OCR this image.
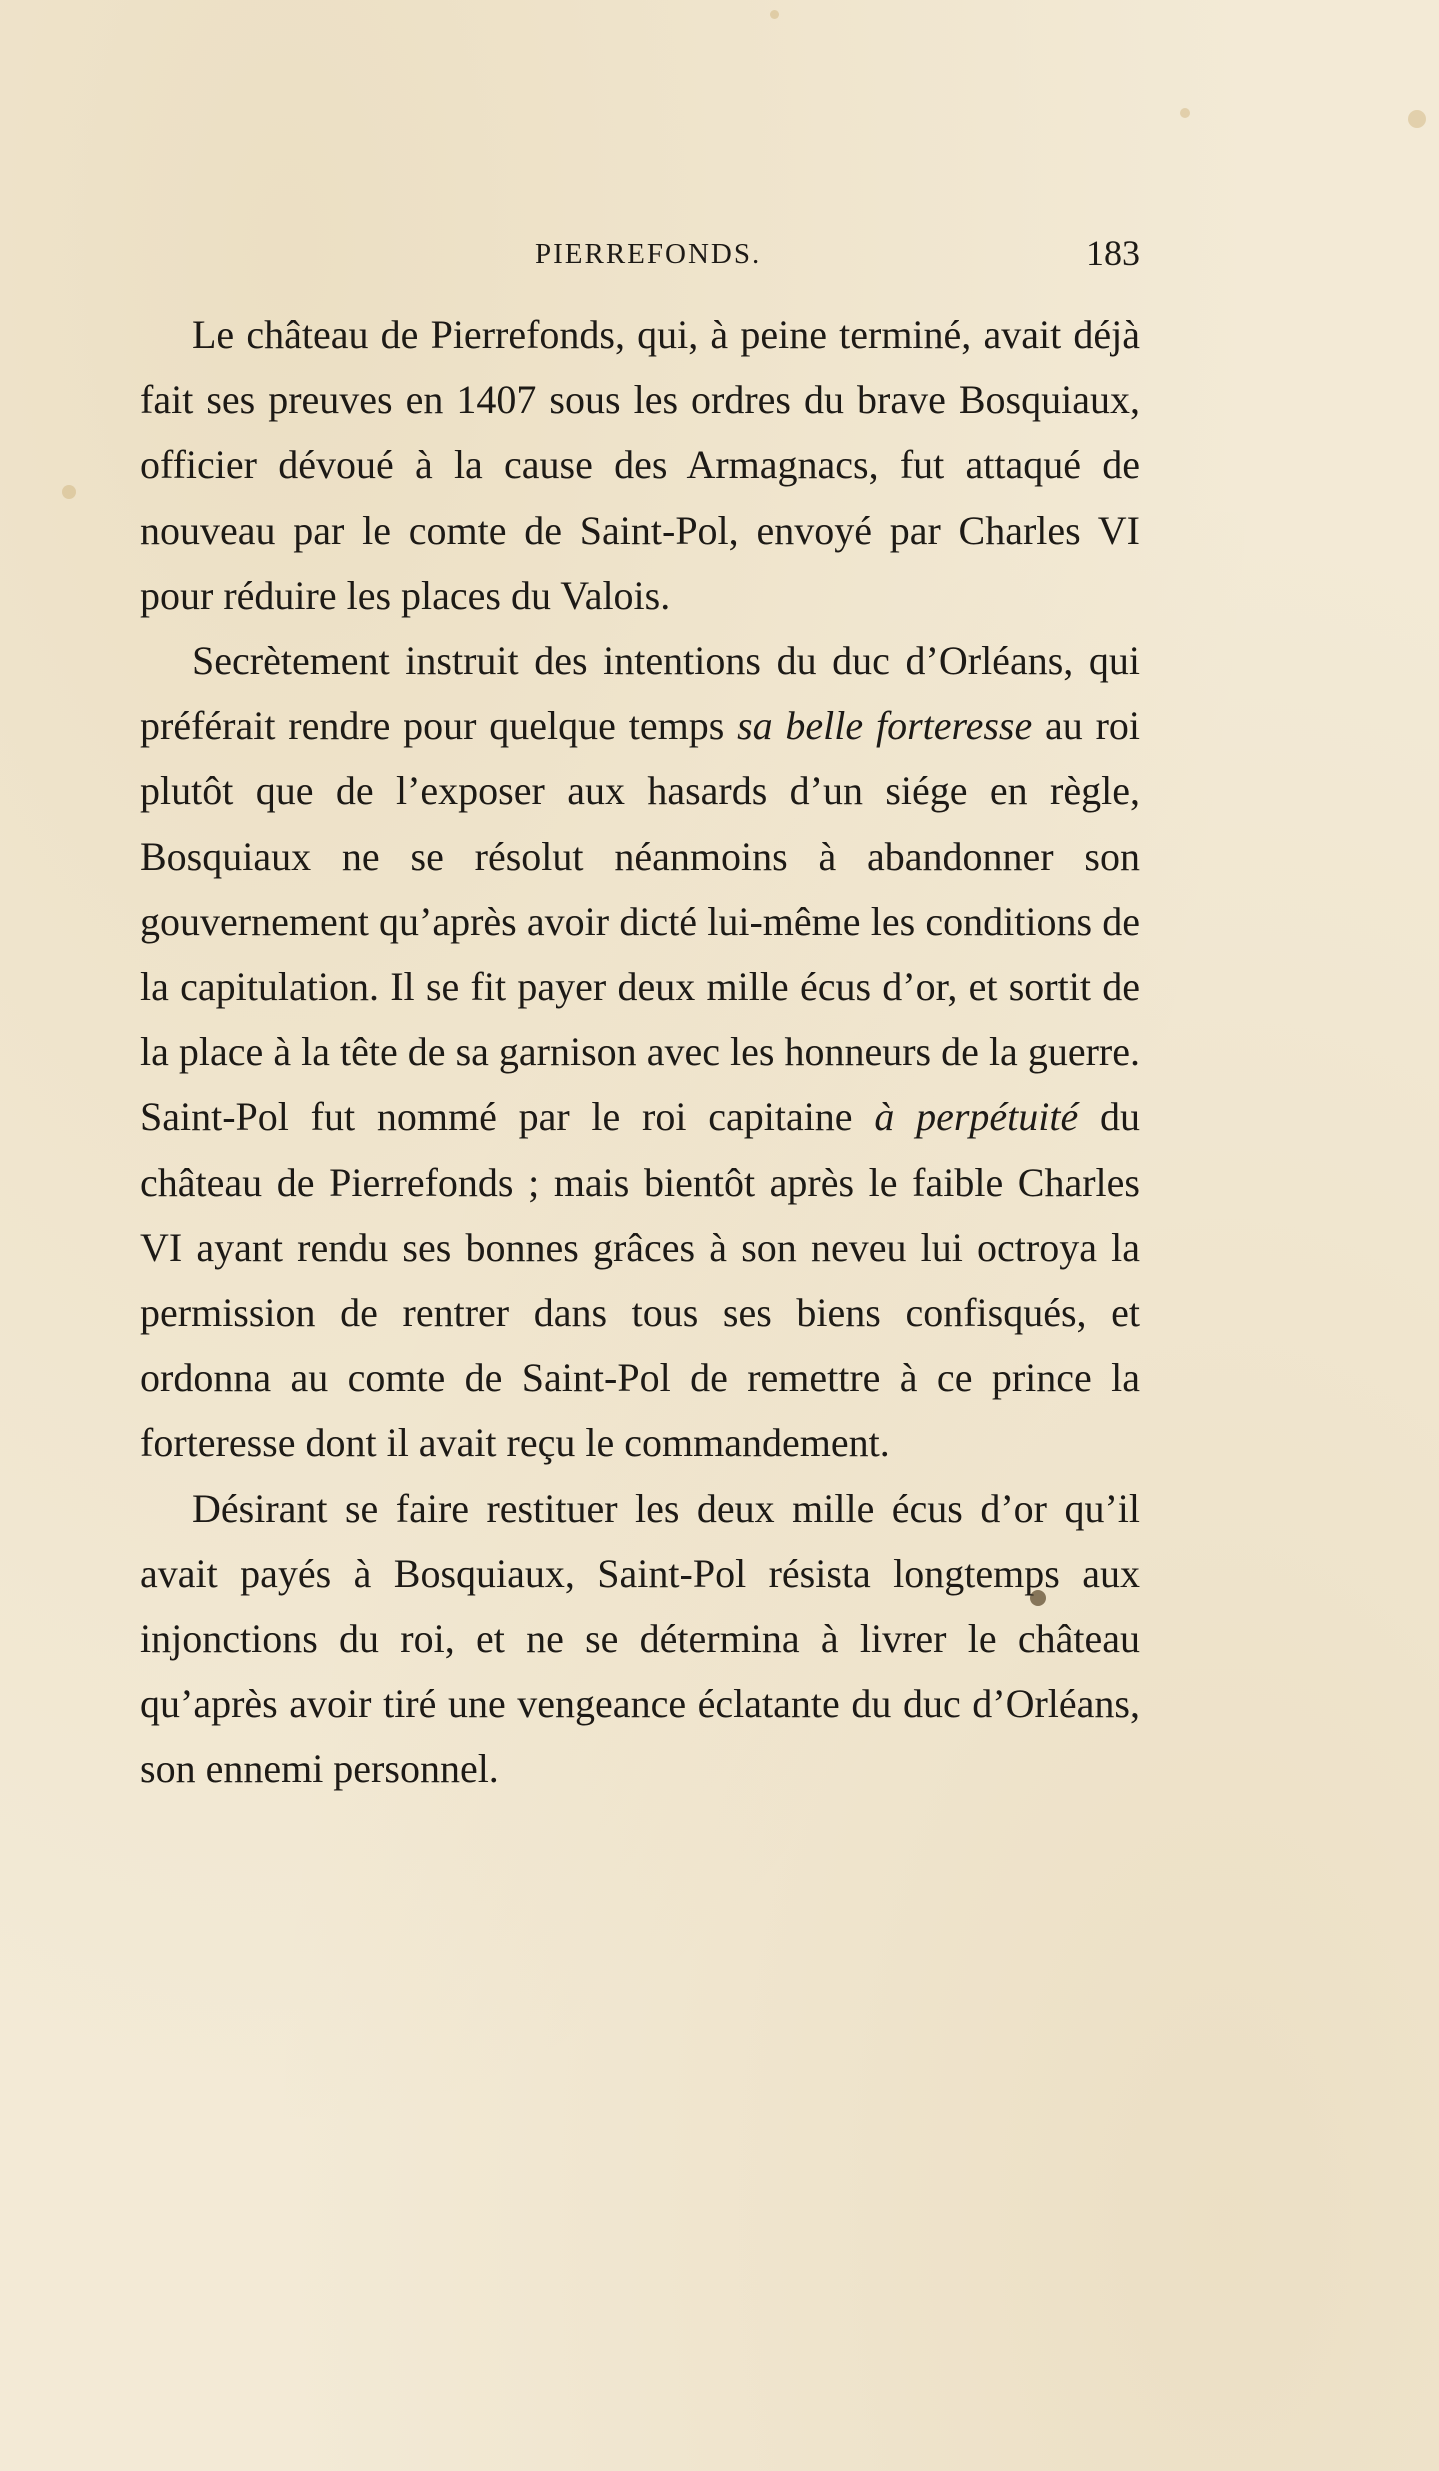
PIERREFONDS.	183

Le château de Pierrefonds, qui, à peine terminé, avait déjà fait ses preuves en 1407 sous les ordres du brave Bosquiaux, officier dévoué à la cause des Armagnacs, fut attaqué de nouveau par le comte de Saint-Pol, envoyé par Charles VI pour réduire les places du Valois.

Secrètement instruit des intentions du duc d’Orléans, qui préférait rendre pour quelque temps sa belle forteresse au roi plutôt que de l’exposer aux hasards d’un siége en règle, Bosquiaux ne se résolut néanmoins à abandonner son gouvernement qu’après avoir dicté lui-même les conditions de la capitulation. Il se fit payer deux mille écus d’or, et sortit de la place à la tête de sa garnison avec les honneurs de la guerre. Saint-Pol fut nommé par le roi capitaine à perpétuité du château de Pierrefonds ; mais bientôt après le faible Charles VI ayant rendu ses bonnes grâces à son neveu lui octroya la permission de rentrer dans tous ses biens confisqués, et ordonna au comte de Saint-Pol de remettre à ce prince la forteresse dont il avait reçu le commandement.

Désirant se faire restituer les deux mille écus d’or qu’il avait payés à Bosquiaux, Saint-Pol résista longtemps aux injonctions du roi, et ne se détermina à livrer le château qu’après avoir tiré une vengeance éclatante du duc d’Orléans, son ennemi personnel.
